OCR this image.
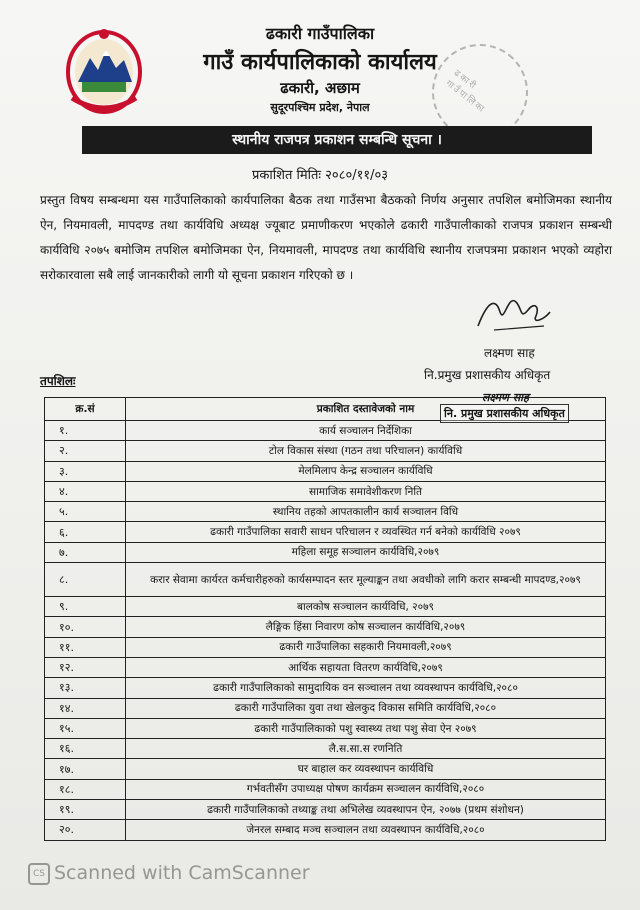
ढकारी गाउँपालिका
ढकारी गाउँपालिका
गाउँ कार्यपालिकाको कार्यालय
ढकारी, अछाम
सुदूरपश्चिम प्रदेश, नेपाल
स्थानीय राजपत्र प्रकाशन सम्बन्धि सूचना ।
प्रकाशित मितिः २०८०/११/०३
प्रस्तुत विषय सम्बन्धमा यस गाउँपालिकाको कार्यपालिका बैठक तथा गाउँसभा बैठकको निर्णय अनुसार तपशिल बमोजिमका स्थानीय ऐन, नियमावली, मापदण्ड तथा कार्यविधि अध्यक्ष ज्यूबाट प्रमाणीकरण भएकोले ढकारी गाउँपालीकाको राजपत्र प्रकाशन सम्बन्धी कार्यविधि २०७५ बमोजिम तपशिल बमोजिमका ऐन, नियमावली, मापदण्ड तथा कार्यविधि स्थानीय राजपत्रमा प्रकाशन भएको व्यहोरा सरोकारवाला सबै लाई जानकारीको लागी यो सूचना प्रकाशन गरिएको छ ।
लक्ष्मण साह
नि.प्रमुख प्रशासकीय अधिकृत
तपशिलः
क्र.सं	प्रकाशित दस्तावेजको नाम
१.	कार्य सञ्चालन निर्देशिका
२.	टोल विकास संस्था (गठन तथा परिचालन) कार्यविधि
३.	मेलमिलाप केन्द्र सञ्चालन कार्यविधि
४.	सामाजिक समावेशीकरण निति
५.	स्थानिय तहको आपतकालीन कार्य सञ्चालन विधि
६.	ढकारी गाउँपालिका सवारी साधन परिचालन र व्यवस्थित गर्न बनेको कार्यविधि २०७९
७.	महिला समूह सञ्चालन कार्यविधि,२०७९
८.	करार सेवामा कार्यरत कर्मचारीहरुको कार्यसम्पादन स्तर मूल्याङ्कन तथा अवधीको लागि करार सम्बन्धी मापदण्ड,२०७९
९.	बालकोष सञ्चालन कार्यविधि, २०७९
१०.	लैङ्गिक हिंसा निवारण कोष सञ्चालन कार्यविधि,२०७९
११.	ढकारी गाउँपालिका सहकारी नियमावली,२०७९
१२.	आर्थिक सहायता वितरण कार्यविधि,२०७९
१३.	ढकारी गाउँपालिकाको सामुदायिक वन सञ्चालन तथा व्यवस्थापन कार्यविधि,२०८०
१४.	ढकारी गाउँपालिका युवा तथा खेलकुद विकास समिति कार्यविधि,२०८०
१५.	ढकारी गाउँपालिकाको पशु स्वास्थ्य तथा पशु सेवा ऐन २०७९
१६.	लै.स.सा.स रणनिति
१७.	घर बाहाल कर व्यवस्थापन कार्यविधि
१८.	गर्भवतीसँग उपाध्यक्ष पोषण कार्यक्रम सञ्चालन कार्यविधि,२०८०
१९.	ढकारी गाउँपालिकाको तथ्याङ्क तथा अभिलेख व्यवस्थापन ऐन, २०७७ (प्रथम संशोधन)
२०.	जेनरल सम्बाद मञ्च सञ्चालन तथा व्यवस्थापन कार्यविधि,२०८०
लक्ष्मण साह
नि. प्रमुख प्रशासकीय अधिकृत
CS Scanned with CamScanner
